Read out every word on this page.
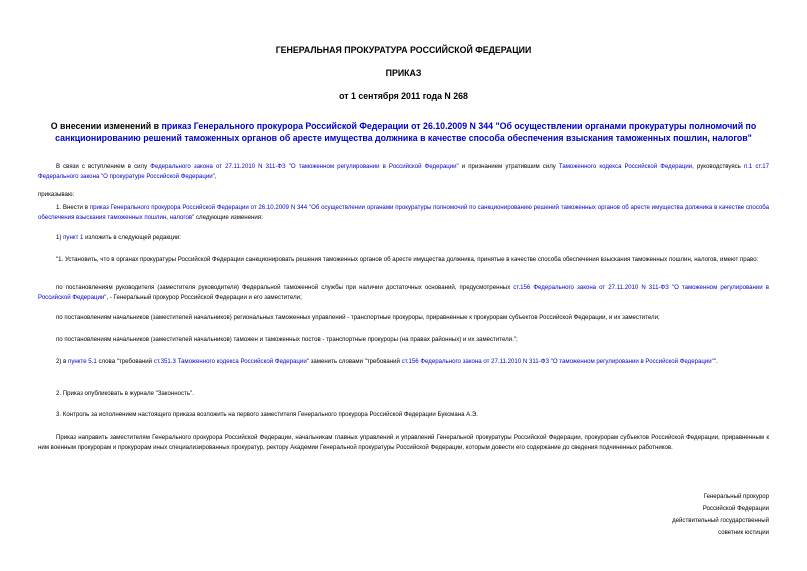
ГЕНЕРАЛЬНАЯ ПРОКУРАТУРА РОССИЙСКОЙ ФЕДЕРАЦИИ
ПРИКАЗ
от 1 сентября 2011 года N 268
О внесении изменений в приказ Генерального прокурора Российской Федерации от 26.10.2009 N 344 "Об осуществлении органами прокуратуры полномочий по санкционированию решений таможенных органов об аресте имущества должника в качестве способа обеспечения взыскания таможенных пошлин, налогов"
В связи с вступлением в силу Федерального закона от 27.11.2010 N 311-ФЗ "О таможенном регулировании в Российской Федерации" и признанием утратившим силу Таможенного кодекса Российской Федерации, руководствуясь п.1 ст.17 Федерального закона "О прокуратуре Российской Федерации",
приказываю:
1. Внести в приказ Генерального прокурора Российской Федерации от 26.10.2009 N 344 "Об осуществлении органами прокуратуры полномочий по санкционированию решений таможенных органов об аресте имущества должника в качестве способа обеспечения взыскания таможенных пошлин, налогов" следующие изменения:
1) пункт 1 изложить в следующей редакции:
"1. Установить, что в органах прокуратуры Российской Федерации санкционировать решения таможенных органов об аресте имущества должника, принятые в качестве способа обеспечения взыскания таможенных пошлин, налогов, имеют право:
по постановлениям руководителя (заместителя руководителя) Федеральной таможенной службы при наличии достаточных оснований, предусмотренных ст.156 Федерального закона от 27.11.2010 N 311-ФЗ "О таможенном регулировании в Российской Федерации", - Генеральный прокурор Российской Федерации и его заместители;
по постановлениям начальников (заместителей начальников) региональных таможенных управлений - транспортные прокуроры, приравненные к прокурорам субъектов Российской Федерации, и их заместители;
по постановлениям начальников (заместителей начальников) таможен и таможенных постов - транспортные прокуроры (на правах районных) и их заместители.";
2) в пункте 5.1 слова "требований ст.351.3 Таможенного кодекса Российской Федерации" заменить словами "требований ст.156 Федерального закона от 27.11.2010 N 311-ФЗ "О таможенном регулировании в Российской Федерации"".
2. Приказ опубликовать в журнале "Законность".
3. Контроль за исполнением настоящего приказа возложить на первого заместителя Генерального прокурора Российской Федерации Буксмана А.Э.
Приказ направить заместителям Генерального прокурора Российской Федерации, начальникам главных управлений и управлений Генеральной прокуратуры Российской Федерации, прокурорам субъектов Российской Федерации, приравненным к ним военным прокурорам и прокурорам иных специализированных прокуратур, ректору Академии Генеральной прокуратуры Российской Федерации, которым довести его содержание до сведения подчиненных работников.
Генеральный прокурор
Российской Федерации
действительный государственный
советник юстиции
